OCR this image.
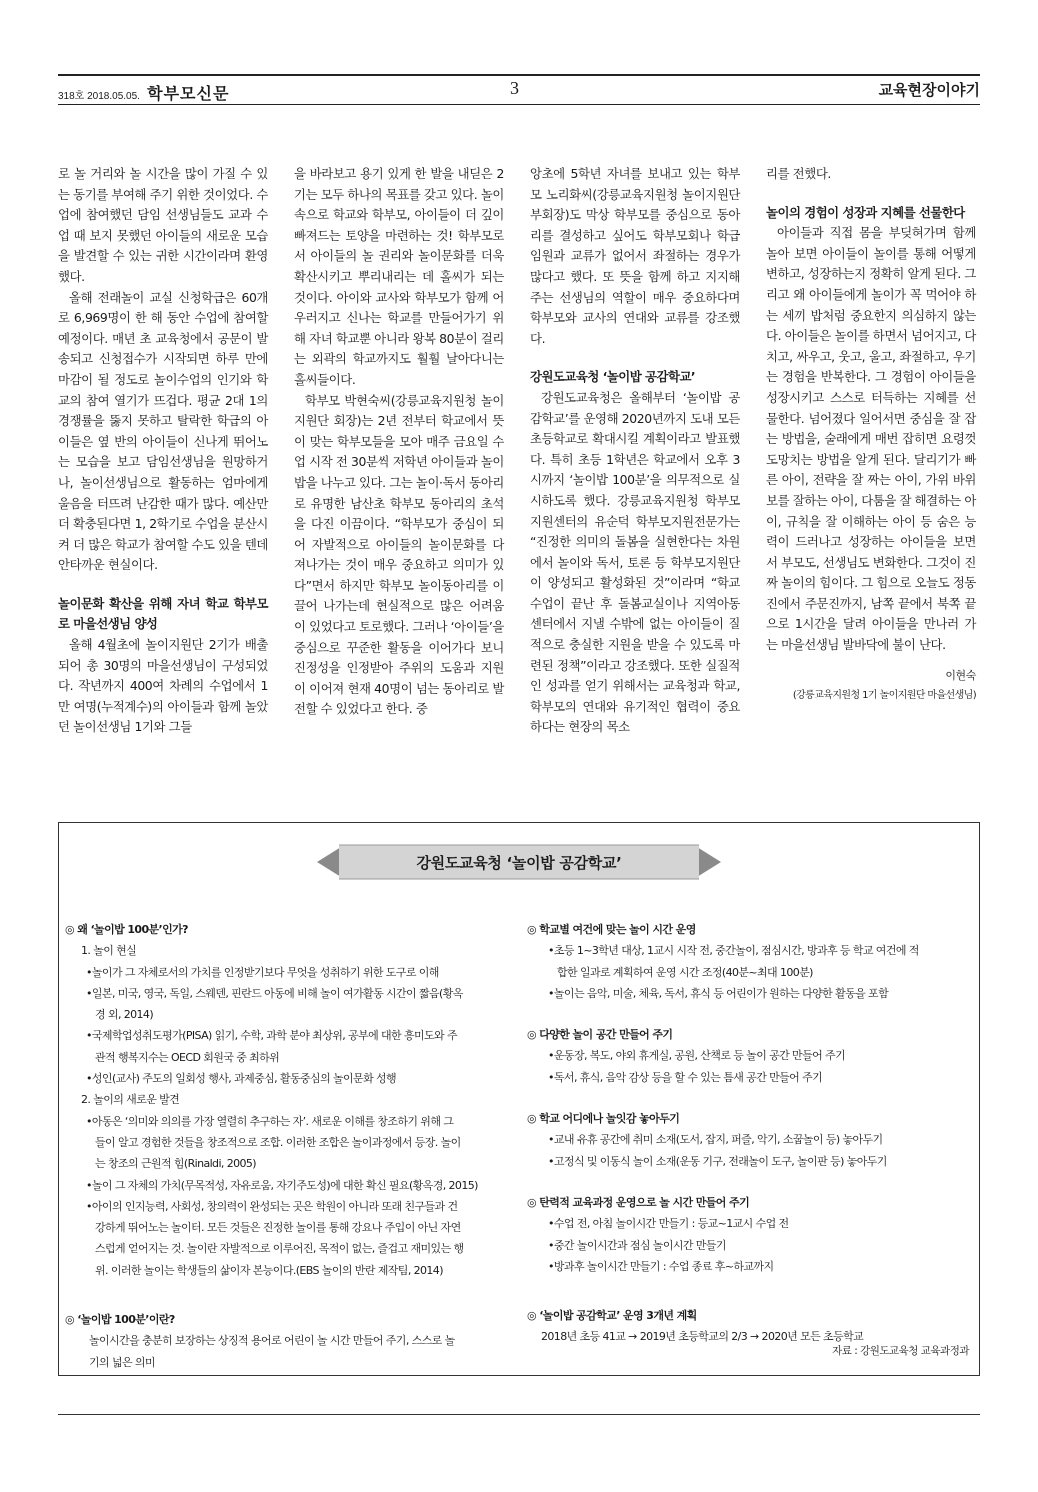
318호 2018.05.05. 학부모신문	3	교육현장이야기

로 놀 거리와 놀 시간을 많이 가질 수 있는 동기를 부여해 주기 위한 것이었다. 수업에 참여했던 담임 선생님들도 교과 수업 때 보지 못했던 아이들의 새로운 모습을 발견할 수 있는 귀한 시간이라며 환영했다.

올해 전래놀이 교실 신청학급은 60개로 6,969명이 한 해 동안 수업에 참여할 예정이다. 매년 초 교육청에서 공문이 발송되고 신청접수가 시작되면 하루 만에 마감이 될 정도로 놀이수업의 인기와 학교의 참여 열기가 뜨겁다. 평균 2대 1의 경쟁률을 뚫지 못하고 탈락한 학급의 아이들은 옆 반의 아이들이 신나게 뛰어노는 모습을 보고 담임선생님을 원망하거나, 놀이선생님으로 활동하는 엄마에게 울음을 터뜨려 난감한 때가 많다. 예산만 더 확충된다면 1, 2학기로 수업을 분산시켜 더 많은 학교가 참여할 수도 있을 텐데 안타까운 현실이다.

놀이문화 확산을 위해 자녀 학교 학부모로 마을선생님 양성

올해 4월초에 놀이지원단 2기가 배출되어 총 30명의 마을선생님이 구성되었다. 작년까지 400여 차례의 수업에서 1만 여명(누적계수)의 아이들과 함께 놀았던 놀이선생님 1기와 그들

을 바라보고 용기 있게 한 발을 내딛은 2기는 모두 하나의 목표를 갖고 있다. 놀이 속으로 학교와 학부모, 아이들이 더 깊이 빠져드는 토양을 마련하는 것! 학부모로서 아이들의 놀 권리와 놀이문화를 더욱 확산시키고 뿌리내리는 데 홀씨가 되는 것이다. 아이와 교사와 학부모가 함께 어우러지고 신나는 학교를 만들어가기 위해 자녀 학교뿐 아니라 왕복 80분이 걸리는 외곽의 학교까지도 훨훨 날아다니는 홀씨들이다.

학부모 박현숙씨(강릉교육지원청 놀이지원단 회장)는 2년 전부터 학교에서 뜻이 맞는 학부모들을 모아 매주 금요일 수업 시작 전 30분씩 저학년 아이들과 놀이밥을 나누고 있다. 그는 놀이·독서 동아리로 유명한 남산초 학부모 동아리의 초석을 다진 이끔이다. “학부모가 중심이 되어 자발적으로 아이들의 놀이문화를 다져나가는 것이 매우 중요하고 의미가 있다”면서 하지만 학부모 놀이동아리를 이끌어 나가는데 현실적으로 많은 어려움이 있었다고 토로했다. 그러나 ‘아이들’을 중심으로 꾸준한 활동을 이어가다 보니 진정성을 인정받아 주위의 도움과 지원이 이어져 현재 40명이 넘는 동아리로 발전할 수 있었다고 한다. 중

앙초에 5학년 자녀를 보내고 있는 학부모 노리화씨(강릉교육지원청 놀이지원단 부회장)도 막상 학부모를 중심으로 동아리를 결성하고 싶어도 학부모회나 학급 임원과 교류가 없어서 좌절하는 경우가 많다고 했다. 또 뜻을 함께 하고 지지해 주는 선생님의 역할이 매우 중요하다며 학부모와 교사의 연대와 교류를 강조했다.

강원도교육청 ‘놀이밥 공감학교’

강원도교육청은 올해부터 ‘놀이밥 공감학교’를 운영해 2020년까지 도내 모든 초등학교로 확대시킬 계획이라고 발표했다. 특히 초등 1학년은 학교에서 오후 3시까지 ‘놀이밥 100분’을 의무적으로 실시하도록 했다. 강릉교육지원청 학부모지원센터의 유순덕 학부모지원전문가는 “진정한 의미의 돌봄을 실현한다는 차원에서 놀이와 독서, 토론 등 학부모지원단이 양성되고 활성화된 것”이라며 “학교 수업이 끝난 후 돌봄교실이나 지역아동센터에서 지낼 수밖에 없는 아이들이 질적으로 충실한 지원을 받을 수 있도록 마련된 정책”이라고 강조했다. 또한 실질적인 성과를 얻기 위해서는 교육청과 학교, 학부모의 연대와 유기적인 협력이 중요하다는 현장의 목소

리를 전했다.

놀이의 경험이 성장과 지혜를 선물한다

아이들과 직접 몸을 부딪혀가며 함께 놀아 보면 아이들이 놀이를 통해 어떻게 변하고, 성장하는지 정확히 알게 된다. 그리고 왜 아이들에게 놀이가 꼭 먹어야 하는 세끼 밥처럼 중요한지 의심하지 않는다. 아이들은 놀이를 하면서 넘어지고, 다치고, 싸우고, 웃고, 울고, 좌절하고, 우기는 경험을 반복한다. 그 경험이 아이들을 성장시키고 스스로 터득하는 지혜를 선물한다. 넘어졌다 일어서면 중심을 잘 잡는 방법을, 술래에게 매번 잡히면 요령껏 도망치는 방법을 알게 된다. 달리기가 빠른 아이, 전략을 잘 짜는 아이, 가위 바위 보를 잘하는 아이, 다툼을 잘 해결하는 아이, 규칙을 잘 이해하는 아이 등 숨은 능력이 드러나고 성장하는 아이들을 보면서 부모도, 선생님도 변화한다. 그것이 진짜 놀이의 힘이다. 그 힘으로 오늘도 정동진에서 주문진까지, 남쪽 끝에서 북쪽 끝으로 1시간을 달려 아이들을 만나러 가는 마을선생님 발바닥에 불이 난다.

이현숙

(강릉교육지원청 1기 놀이지원단 마을선생님)

강원도교육청 ‘놀이밥 공감학교’

◎ 왜 ‘놀이밥 100분’인가?

1. 놀이 현실

•놀이가 그 자체로서의 가치를 인정받기보다 무엇을 성취하기 위한 도구로 이해

•일본, 미국, 영국, 독일, 스웨덴, 핀란드 아동에 비해 놀이 여가활동 시간이 짧음(황옥

경 외, 2014)

•국제학업성취도평가(PISA) 읽기, 수학, 과학 분야 최상위, 공부에 대한 흥미도와 주

관적 행복지수는 OECD 회원국 중 최하위

•성인(교사) 주도의 일회성 행사, 과제중심, 활동중심의 놀이문화 성행

2. 놀이의 새로운 발견

•아동은 ‘의미와 의의를 가장 열렬히 추구하는 자’. 새로운 이해를 창조하기 위해 그

들이 알고 경험한 것들을 창조적으로 조합. 이러한 조합은 놀이과정에서 등장. 놀이

는 창조의 근원적 힘(Rinaldi, 2005)

•놀이 그 자체의 가치(무목적성, 자유로움, 자기주도성)에 대한 확신 필요(황옥경, 2015)

•아이의 인지능력, 사회성, 창의력이 완성되는 곳은 학원이 아니라 또래 친구들과 건

강하게 뛰어노는 놀이터. 모든 것들은 진정한 놀이를 통해 강요나 주입이 아닌 자연

스럽게 얻어지는 것. 놀이란 자발적으로 이루어진, 목적이 없는, 즐겁고 재미있는 행

위. 이러한 놀이는 학생들의 삶이자 본능이다.(EBS 놀이의 반란 제작팀, 2014)

◎ ‘놀이밥 100분’이란?

놀이시간을 충분히 보장하는 상징적 용어로 어린이 놀 시간 만들어 주기, 스스로 놀

기의 넓은 의미

◎ 학교별 여건에 맞는 놀이 시간 운영

•초등 1~3학년 대상, 1교시 시작 전, 중간놀이, 점심시간, 방과후 등 학교 여건에 적

합한 일과로 계획하여 운영 시간 조정(40분~최대 100분)

•놀이는 음악, 미술, 체육, 독서, 휴식 등 어린이가 원하는 다양한 활동을 포함

◎ 다양한 놀이 공간 만들어 주기

•운동장, 복도, 야외 휴게실, 공원, 산책로 등 놀이 공간 만들어 주기

•독서, 휴식, 음악 감상 등을 할 수 있는 틈새 공간 만들어 주기

◎ 학교 어디에나 놀잇감 놓아두기

•교내 유휴 공간에 취미 소재(도서, 잡지, 퍼즐, 악기, 소꿉놀이 등) 놓아두기

•고정식 및 이동식 놀이 소재(운동 기구, 전래놀이 도구, 놀이판 등) 놓아두기

◎ 탄력적 교육과정 운영으로 놀 시간 만들어 주기

•수업 전, 아침 놀이시간 만들기 : 등교~1교시 수업 전

•중간 놀이시간과 점심 놀이시간 만들기

•방과후 놀이시간 만들기 : 수업 종료 후~하교까지

◎ ‘놀이밥 공감학교’ 운영 3개년 계획

2018년 초등 41교 → 2019년 초등학교의 2/3 → 2020년 모든 초등학교

자료 : 강원도교육청 교육과정과
